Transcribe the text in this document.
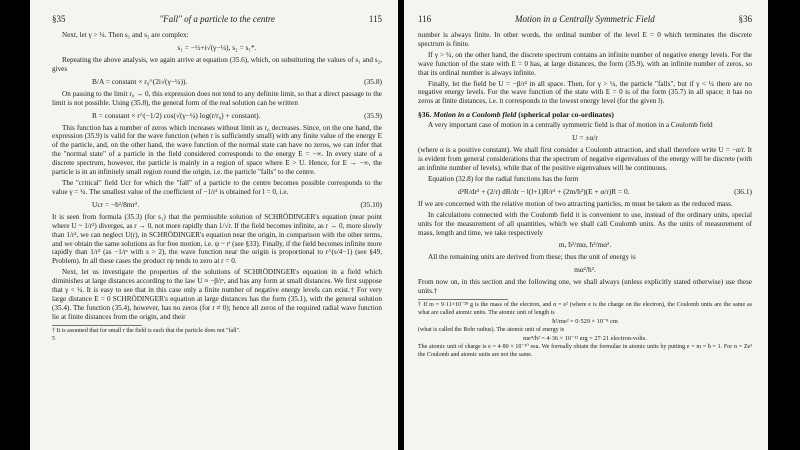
§35	"Fall" of a particle to the centre	115

Next, let γ > ¼. Then s₁ and s₂ are complex:

s₁ = −½+i√(γ−¼), s₂ = s₁*.

Repeating the above analysis, we again arrive at equation (35.6), which, on substituting the values of s₁ and s₂, gives

B/A = constant × r₀^(2i√(γ−¼)).	(35.8)

On passing to the limit r₀ → 0, this expression does not tend to any definite limit, so that a direct passage to the limit is not possible. Using (35.8), the general form of the real solution can be written

R = constant × r^(−1/2) cos(√(γ−¼) log(r/r₀) + constant).	(35.9)

This function has a number of zeros which increases without limit as r₀ decreases. Since, on the one hand, the expression (35.9) is valid for the wave function (when r is sufficiently small) with any finite value of the energy E of the particle, and, on the other hand, the wave function of the normal state can have no zeros, we can infer that the "normal state" of a particle in the field considered corresponds to the energy E = −∞. In every state of a discrete spectrum, however, the particle is mainly in a region of space where E > U. Hence, for E → −∞, the particle is in an infinitely small region round the origin, i.e. the particle "falls" to the centre.

The "critical" field Ucr for which the "fall" of a particle to the centre becomes possible corresponds to the value γ = ¼. The smallest value of the coefficient of −1/r² is obtained for l = 0, i.e.

Ucr = −ħ²/8mr².	(35.10)

It is seen from formula (35.3) (for s₁) that the permissible solution of SCHRÖDINGER's equation (near point where U ~ 1/r²) diverges, as r → 0, not more rapidly than 1/√r. If the field becomes infinite, as r → 0, more slowly than 1/r², we can neglect U(r), in SCHRÖDINGER's equation near the origin, in comparison with the other terms, and we obtain the same solutions as for free motion, i.e. ψ ~ rˡ (see §33). Finally, if the field becomes infinite more rapidly than 1/r² (as −1/rˢ with s > 2), the wave function near the origin is proportional to r^(s/4−1) (see §49, Problem). In all these cases the product rψ tends to zero at r = 0.

Next, let us investigate the properties of the solutions of SCHRÖDINGER's equation in a field which diminishes at large distances according to the law U ≈ −β/rˢ, and has any form at small distances. We first suppose that γ < ¼. It is easy to see that in this case only a finite number of negative energy levels can exist.† For very large distance E = 0 SCHRÖDINGER's equation at large distances has the form (35.1), with the general solution (35.4). The function (35.4), however, has no zeros (for r ≠ 0); hence all zeros of the required radial wave function lie at finite distances from the origin, and their

† It is assumed that for small r the field is such that the particle does not "fall".

5
116	Motion in a Centrally Symmetric Field	§36

number is always finite. In other words, the ordinal number of the level E = 0 which terminates the discrete spectrum is finite.

If γ > ¼, on the other hand, the discrete spectrum contains an infinite number of negative energy levels. For the wave function of the state with E = 0 has, at large distances, the form (35.9), with an infinite number of zeros, so that its ordinal number is always infinite.

Finally, let the field be U = −β/r² in all space. Then, for γ > ¼, the particle "falls", but if γ < ¼ there are no negative energy levels. For the wave function of the state with E = 0 is of the form (35.7) in all space; it has no zeros at finite distances, i.e. it corresponds to the lowest energy level (for the given l).

§36. Motion in a Coulomb field (spherical polar co-ordinates)

A very important case of motion in a centrally symmetric field is that of motion in a Coulomb field

U = ±α/r

(where α is a positive constant). We shall first consider a Coulomb attraction, and shall therefore write U = −α/r. It is evident from general considerations that the spectrum of negative eigenvalues of the energy will be discrete (with an infinite number of levels), while that of the positive eigenvalues will be continuous.

Equation (32.8) for the radial functions has the form

d²R/dr² + (2/r) dR/dr − l(l+1)R/r² + (2m/ħ²)(E + α/r)R = 0.	(36.1)

If we are concerned with the relative motion of two attracting particles, m must be taken as the reduced mass.

In calculations connected with the Coulomb field it is convenient to use, instead of the ordinary units, special units for the measurement of all quantities, which we shall call Coulomb units. As the units of measurement of mass, length and time, we take respectively

m, ħ²/mα, ħ³/mα².

All the remaining units are derived from these; thus the unit of energy is

mα²/ħ².

From now on, in this section and the following one, we shall always (unless explicitly stated otherwise) use these units.†

† If m = 9·11×10⁻²⁸ g is the mass of the electron, and α = e² (where e is the charge on the electron), the Coulomb units are the same as what are called atomic units. The atomic unit of length is

ħ²/me² = 0·529 × 10⁻⁸ cm

(what is called the Bohr radius). The atomic unit of energy is

me⁴/ħ² = 4·36 × 10⁻¹¹ erg = 27·21 electron-volts.

The atomic unit of charge is e = 4·80 × 10⁻¹⁰ esu. We formally obtain the formulae in atomic units by putting e = m = ħ = 1. For α = Ze² the Coulomb and atomic units are not the same.
